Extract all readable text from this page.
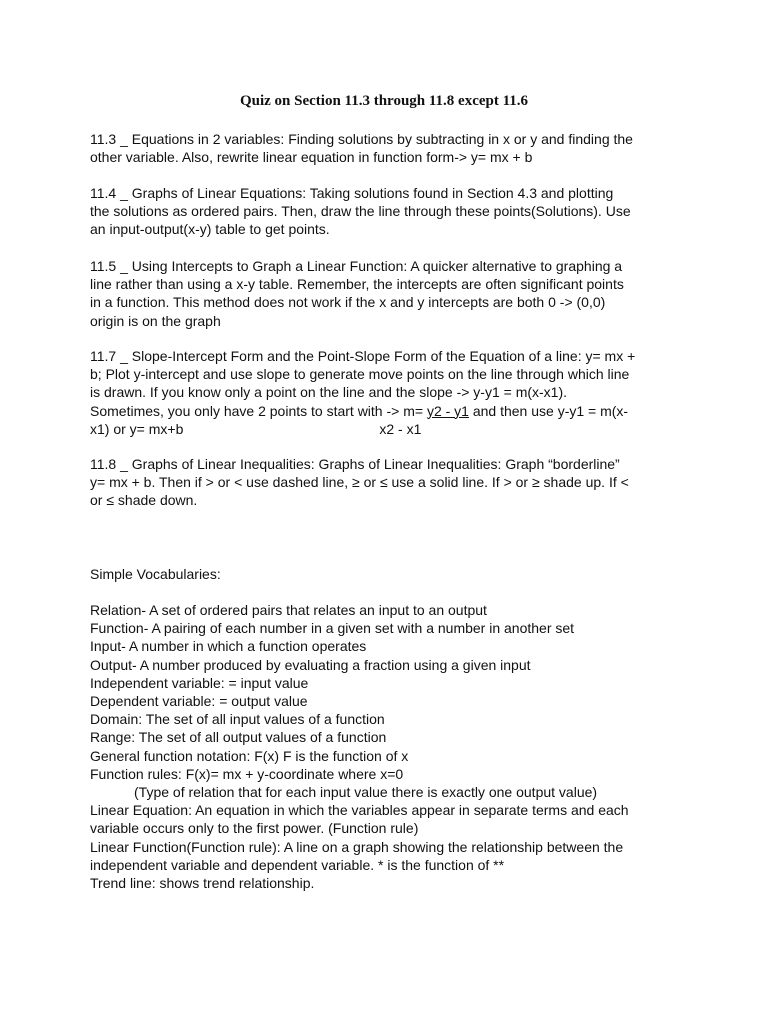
Quiz on Section 11.3 through 11.8 except 11.6
11.3 _ Equations in 2 variables: Finding solutions by subtracting in x or y and finding the
other variable. Also, rewrite linear equation in function form-> y= mx + b
11.4 _ Graphs of Linear Equations: Taking solutions found in Section 4.3 and plotting
the solutions as ordered pairs. Then, draw the line through these points(Solutions). Use
an input-output(x-y) table to get points.
11.5 _ Using Intercepts to Graph a Linear Function: A quicker alternative to graphing a
line rather than using a x-y table. Remember, the intercepts are often significant points
in a function. This method does not work if the x and y intercepts are both 0 -> (0,0)
origin is on the graph
11.7 _ Slope-Intercept Form and the Point-Slope Form of the Equation of a line: y= mx +
b; Plot y-intercept and use slope to generate move points on the line through which line
is drawn. If you know only a point on the line and the slope -> y-y1 = m(x-x1).
Sometimes, you only have 2 points to start with -> m= y2 - y1 and then use y-y1 = m(x-
x1) or y= mx+b	x2 - x1
11.8 _ Graphs of Linear Inequalities: Graphs of Linear Inequalities: Graph “borderline”
y= mx + b. Then if > or < use dashed line, ≥ or ≤ use a solid line. If > or ≥ shade up. If <
or ≤ shade down.
Simple Vocabularies:
Relation- A set of ordered pairs that relates an input to an output
Function- A pairing of each number in a given set with a number in another set
Input- A number in which a function operates
Output- A number produced by evaluating a fraction using a given input
Independent variable: = input value
Dependent variable: = output value
Domain: The set of all input values of a function
Range: The set of all output values of a function
General function notation: F(x) F is the function of x
Function rules: F(x)= mx + y-coordinate where x=0
(Type of relation that for each input value there is exactly one output value)
Linear Equation: An equation in which the variables appear in separate terms and each
variable occurs only to the first power. (Function rule)
Linear Function(Function rule): A line on a graph showing the relationship between the
independent variable and dependent variable. * is the function of **
Trend line: shows trend relationship.
